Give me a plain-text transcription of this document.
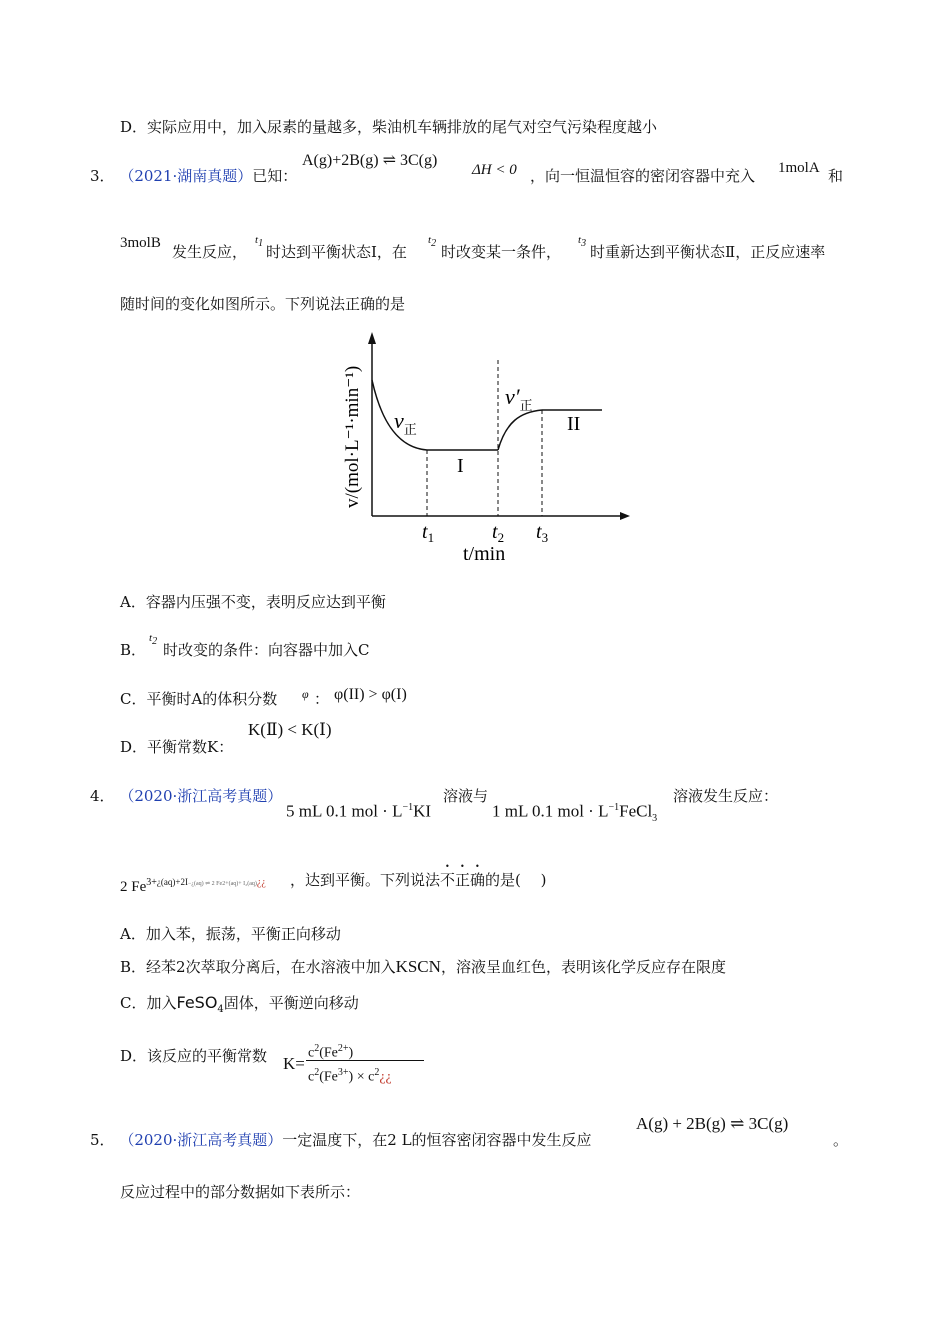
D．实际应用中，加入尿素的量越多，柴油机车辆排放的尾气对空气污染程度越小
3． （2021·湖南真题）已知：
A(g)+2B(g) ⇌ 3C(g)
ΔH < 0 ，向一恒温恒容的密闭容器中充入 1molA 和
3molB 发生反应，
t1 时达到平衡状态Ⅰ，在
t2 时改变某一条件，
t3 时重新达到平衡状态Ⅱ，正反应速率
随时间的变化如图所示。下列说法正确的是
$t_1$	$t_2$ $t_3$
t/min
v/(mol·L⁻¹·min⁻¹) $v_正$
$v'_正$
I
II
A．容器内压强不变，表明反应达到平衡
B．
t2 时改变的条件：向容器中加入C
C．平衡时A的体积分数 φ ： φ(II) > φ(I)
D．平衡常数K：
K(Ⅱ) < K(Ⅰ)
4． （2020·浙江高考真题）
5 mL 0.1 mol · $L^{-1}KI$
溶液与
1 mL 0.1 mol · $L^{-1}FeCl_3$
溶液发生反应：
2 $Fe^{3+¿(aq)+2I-¿(aq) \rightleftharpoons 2 Fe2+(aq)+ I_2(aq)¿¿}$ ，达到平衡。下列说法不正确的是(　 )
A．加入苯，振荡，平衡正向移动
B．经苯2次萃取分离后，在水溶液中加入KSCN，溶液呈血红色，表明该化学反应存在限度
C．加入FeSO$_4$固体，平衡逆向移动
D．该反应的平衡常数 K=
$c^2(Fe^{2+})$
$c^2(Fe^{3+})$ × $c^2¿¿$
5． （2020·浙江高考真题）一定温度下，在2 L的恒容密闭容器中发生反应
A(g) + 2B(g) ⇌ 3C(g)
。
反应过程中的部分数据如下表所示：
